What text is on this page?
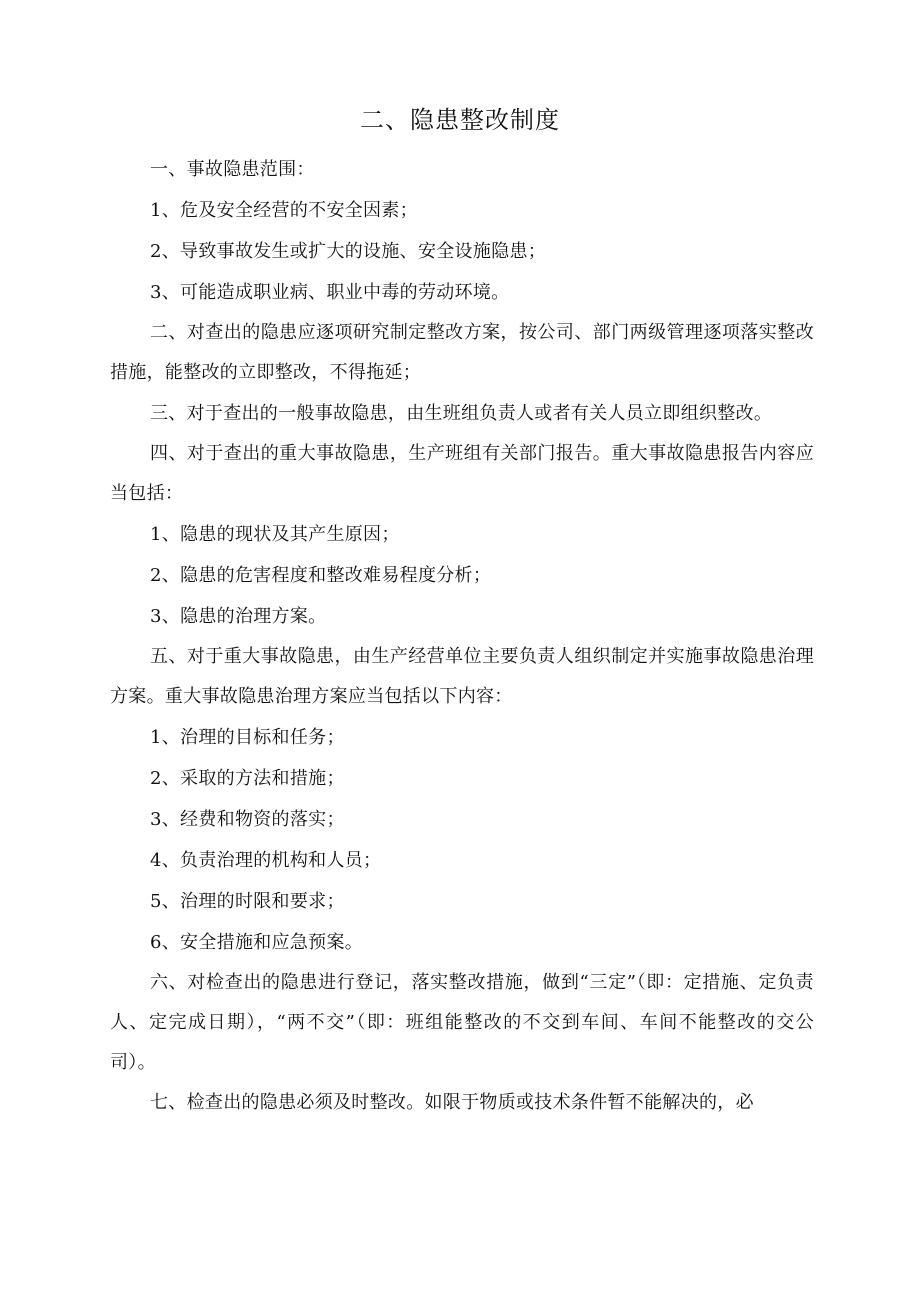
二、隐患整改制度

一、事故隐患范围：

1、危及安全经营的不安全因素；

2、导致事故发生或扩大的设施、安全设施隐患；

3、可能造成职业病、职业中毒的劳动环境。

二、对查出的隐患应逐项研究制定整改方案，按公司、部门两级管理逐项落实整改措施，能整改的立即整改，不得拖延；

三、对于查出的一般事故隐患，由生班组负责人或者有关人员立即组织整改。

四、对于查出的重大事故隐患，生产班组有关部门报告。重大事故隐患报告内容应当包括：

1、隐患的现状及其产生原因；

2、隐患的危害程度和整改难易程度分析；

3、隐患的治理方案。

五、对于重大事故隐患，由生产经营单位主要负责人组织制定并实施事故隐患治理方案。重大事故隐患治理方案应当包括以下内容：

1、治理的目标和任务；

2、采取的方法和措施；

3、经费和物资的落实；

4、负责治理的机构和人员；

5、治理的时限和要求；

6、安全措施和应急预案。

六、对检查出的隐患进行登记，落实整改措施，做到“三定”（即：定措施、定负责人、定完成日期），“两不交”（即：班组能整改的不交到车间、车间不能整改的交公司）。

七、检查出的隐患必须及时整改。如限于物质或技术条件暂不能解决的，必
